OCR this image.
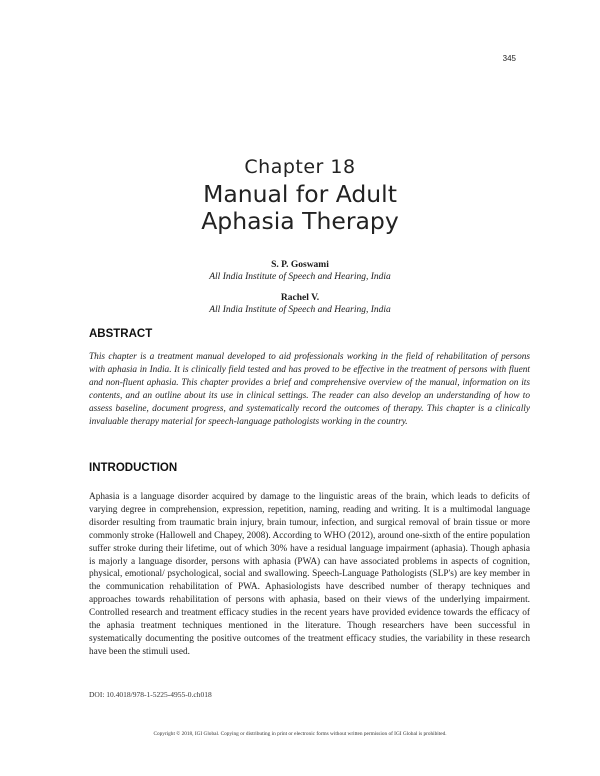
345
Chapter 18
Manual for Adult
Aphasia Therapy
S. P. Goswami
All India Institute of Speech and Hearing, India
Rachel V.
All India Institute of Speech and Hearing, India
ABSTRACT
This chapter is a treatment manual developed to aid professionals working in the field of rehabilitation of persons with aphasia in India. It is clinically field tested and has proved to be effective in the treatment of persons with fluent and non-fluent aphasia. This chapter provides a brief and comprehensive overview of the manual, information on its contents, and an outline about its use in clinical settings. The reader can also develop an understanding of how to assess baseline, document progress, and systematically record the outcomes of therapy. This chapter is a clinically invaluable therapy material for speech-language pathologists working in the country.
INTRODUCTION
Aphasia is a language disorder acquired by damage to the linguistic areas of the brain, which leads to deficits of varying degree in comprehension, expression, repetition, naming, reading and writing. It is a multimodal language disorder resulting from traumatic brain injury, brain tumour, infection, and surgical removal of brain tissue or more commonly stroke (Hallowell and Chapey, 2008). According to WHO (2012), around one-sixth of the entire population suffer stroke during their lifetime, out of which 30% have a residual language impairment (aphasia). Though aphasia is majorly a language disorder, persons with aphasia (PWA) can have associated problems in aspects of cognition, physical, emotional/ psychological, social and swallowing. Speech-Language Pathologists (SLP's) are key member in the communication rehabilitation of PWA. Aphasiologists have described number of therapy techniques and approaches towards rehabilitation of persons with aphasia, based on their views of the underlying impairment. Controlled research and treatment efficacy studies in the recent years have provided evidence towards the efficacy of the aphasia treatment techniques mentioned in the literature. Though researchers have been successful in systematically documenting the positive outcomes of the treatment efficacy studies, the variability in these research have been the stimuli used.
DOI: 10.4018/978-1-5225-4955-0.ch018
Copyright © 2018, IGI Global. Copying or distributing in print or electronic forms without written permission of IGI Global is prohibited.
